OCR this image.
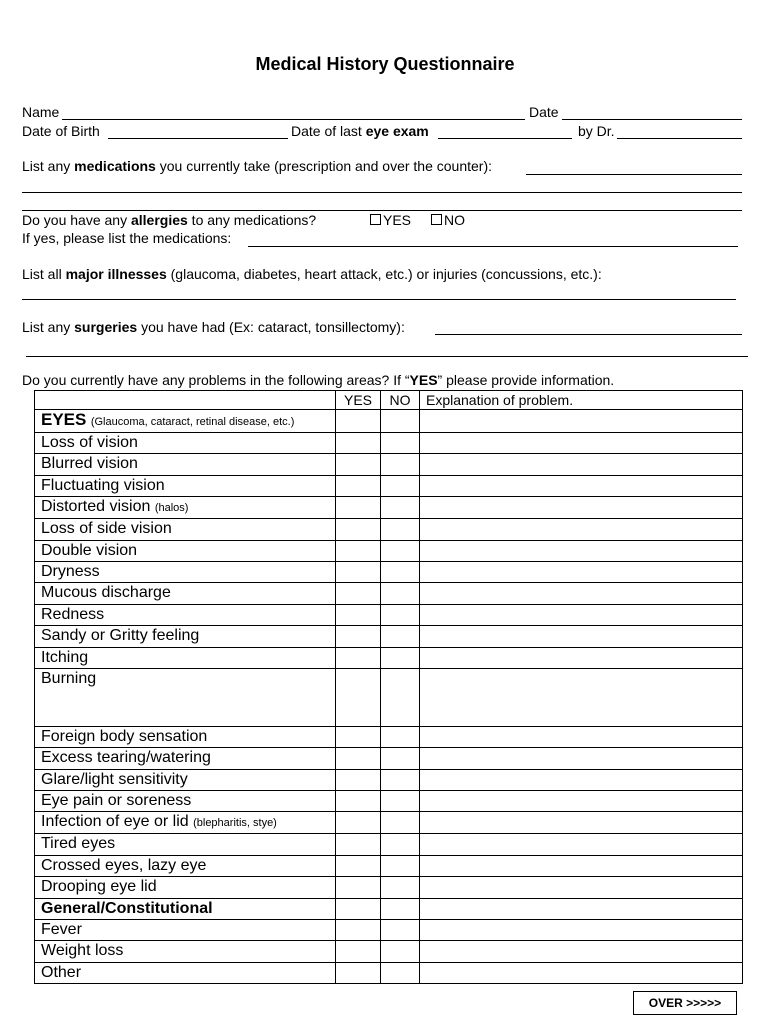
Medical History Questionnaire
Name	Date
Date of Birth	Date of last eye exam	by Dr.
List any medications you currently take (prescription and over the counter):
Do you have any allergies to any medications?	YES	NO
If yes, please list the medications:
List all major illnesses (glaucoma, diabetes, heart attack, etc.) or injuries (concussions, etc.):
List any surgeries you have had (Ex: cataract, tonsillectomy):
Do you currently have any problems in the following areas? If “YES” please provide information.
	YES	NO	Explanation of problem.
EYES (Glaucoma, cataract, retinal disease, etc.)			
Loss of vision			
Blurred vision			
Fluctuating vision			
Distorted vision (halos)			
Loss of side vision			
Double vision			
Dryness			
Mucous discharge			
Redness			
Sandy or Gritty feeling			
Itching			
Burning			
Foreign body sensation			
Excess tearing/watering			
Glare/light sensitivity			
Eye pain or soreness			
Infection of eye or lid (blepharitis, stye)			
Tired eyes			
Crossed eyes, lazy eye			
Drooping eye lid			
General/Constitutional			
Fever			
Weight loss			
Other			
OVER >>>>>
